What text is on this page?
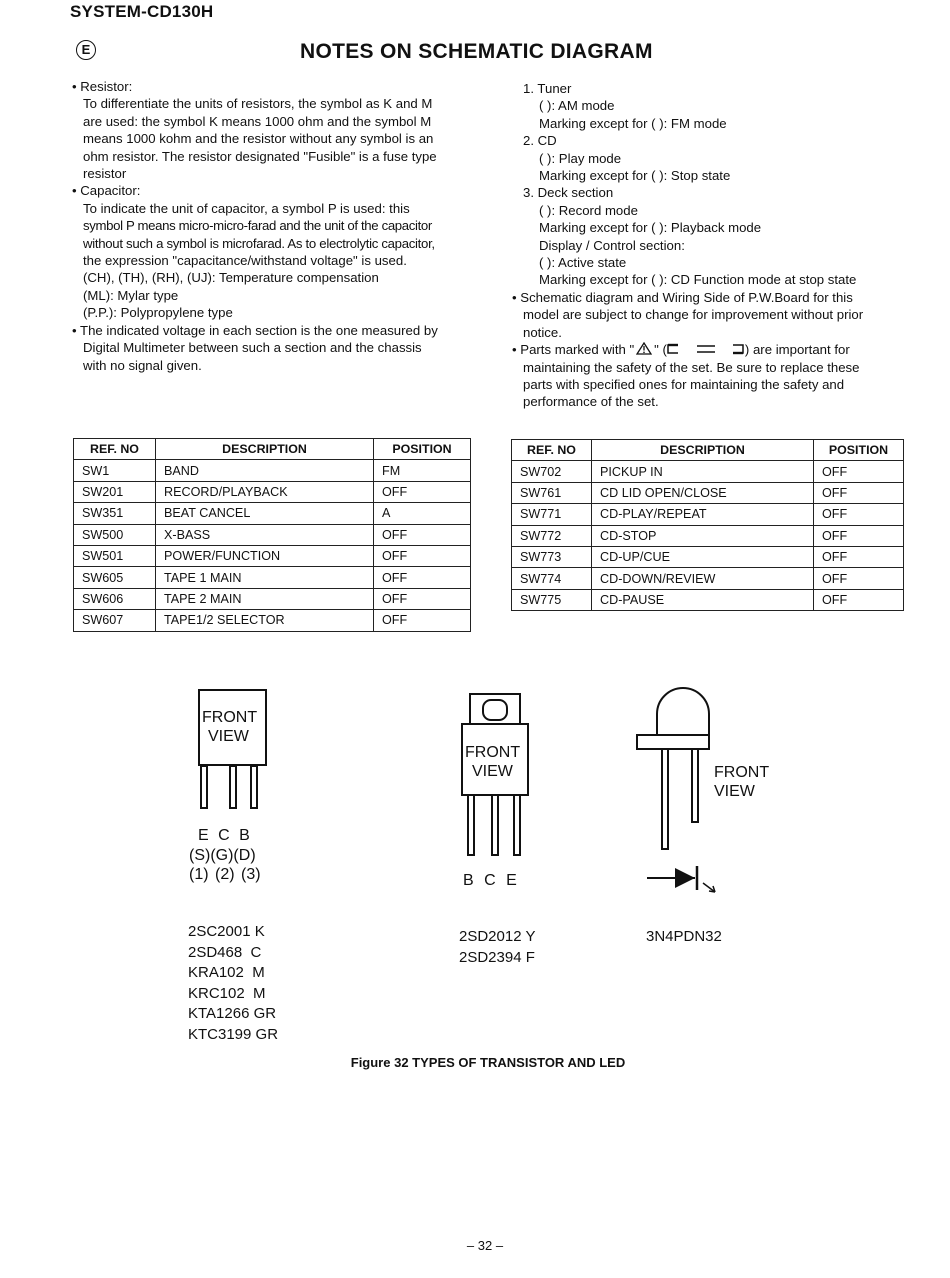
SYSTEM-CD130H
E	NOTES ON SCHEMATIC DIAGRAM

• Resistor:

To differentiate the units of resistors, the symbol as K and M

are used: the symbol K means 1000 ohm and the symbol M

means 1000 kohm and the resistor without any symbol is an

ohm resistor. The resistor designated "Fusible" is a fuse type

resistor

• Capacitor:

To indicate the unit of capacitor, a symbol P is used: this

symbol P means micro-micro-farad and the unit of the capacitor

without such a symbol is microfarad. As to electrolytic capacitor,

the expression "capacitance/withstand voltage" is used.

(CH), (TH), (RH), (UJ): Temperature compensation

(ML): Mylar type

(P.P.): Polypropylene type

• The indicated voltage in each section is the one measured by

Digital Multimeter between such a section and the chassis

with no signal given.

1. Tuner

( ): AM mode

Marking except for ( ): FM mode

2. CD

( ): Play mode

Marking except for ( ): Stop state

3. Deck section

( ): Record mode

Marking except for ( ): Playback mode

Display / Control section:

( ): Active state

Marking except for ( ): CD Function mode at stop state

• Schematic diagram and Wiring Side of P.W.Board for this

model are subject to change for improvement without prior

notice.

• Parts marked with " " (	) are important for

maintaining the safety of the set. Be sure to replace these

parts with specified ones for maintaining the safety and

performance of the set.

REF. NO	DESCRIPTION	POSITION
SW1	BAND	FM
SW201	RECORD/PLAYBACK	OFF
SW351	BEAT CANCEL	A
SW500	X-BASS	OFF
SW501	POWER/FUNCTION	OFF
SW605	TAPE 1 MAIN	OFF
SW606	TAPE 2 MAIN	OFF
SW607	TAPE1/2 SELECTOR	OFF
REF. NO	DESCRIPTION	POSITION
SW702	PICKUP IN	OFF
SW761	CD LID OPEN/CLOSE	OFF
SW771	CD-PLAY/REPEAT	OFF
SW772	CD-STOP	OFF
SW773	CD-UP/CUE	OFF
SW774	CD-DOWN/REVIEW	OFF
SW775	CD-PAUSE	OFF
FRONT
VIEW
E C B
(S)(G)(D)
(1) (2) (3)
2SC2001 K
2SD468  C
KRA102  M
KRC102  M
KTA1266 GR
KTC3199 GR
FRONT
VIEW
B C E
2SD2012 Y
2SD2394 F
FRONT
VIEW
3N4PDN32
Figure 32 TYPES OF TRANSISTOR AND LED
– 32 –
